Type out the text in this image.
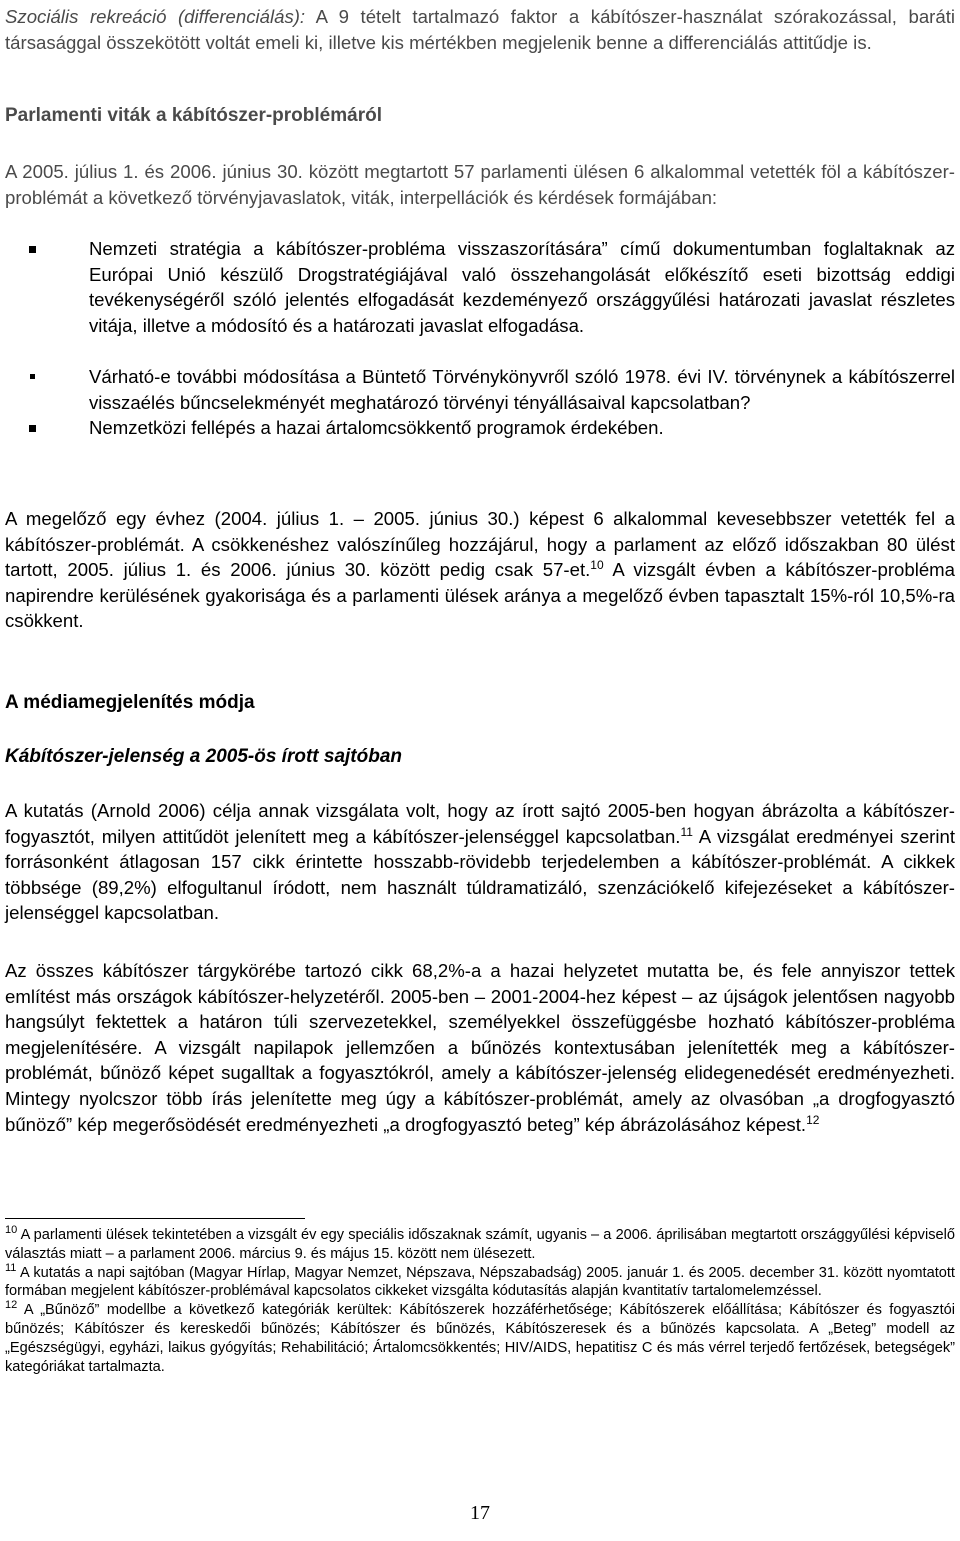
Szociális rekreáció (differenciálás): A 9 tételt tartalmazó faktor a kábítószer-használat szórakozással, baráti társasággal összekötött voltát emeli ki, illetve kis mértékben megjelenik benne a differenciálás attitűdje is.

Parlamenti viták a kábítószer-problémáról

A 2005. július 1. és 2006. június 30. között megtartott 57 parlamenti ülésen 6 alkalommal vetették föl a kábítószer-problémát a következő törvényjavaslatok, viták, interpellációk és kérdések formájában:

Nemzeti stratégia a kábítószer-probléma visszaszorítására” című dokumentumban foglaltaknak az Európai Unió készülő Drogstratégiájával való összehangolását előkészítő eseti bizottság eddigi tevékenységéről szóló jelentés elfogadását kezdeményező országgyűlési határozati javaslat részletes vitája, illetve a módosító és a határozati javaslat elfogadása.
Várható-e további módosítása a Büntető Törvénykönyvről szóló 1978. évi IV. törvénynek a kábítószerrel visszaélés bűncselekményét meghatározó törvényi tényállásaival kapcsolatban?
Nemzetközi fellépés a hazai ártalomcsökkentő programok érdekében.

A megelőző egy évhez (2004. július 1. – 2005. június 30.) képest 6 alkalommal kevesebbszer vetették fel a kábítószer-problémát. A csökkenéshez valószínűleg hozzájárul, hogy a parlament az előző időszakban 80 ülést tartott, 2005. július 1. és 2006. június 30. között pedig csak 57-et.$^{10}$ A vizsgált évben a kábítószer-probléma napirendre kerülésének gyakorisága és a parlamenti ülések aránya a megelőző évben tapasztalt 15%-ról 10,5%-ra csökkent.

A médiamegjelenítés módja
Kábítószer-jelenség a 2005-ös írott sajtóban

A kutatás (Arnold 2006) célja annak vizsgálata volt, hogy az írott sajtó 2005-ben hogyan ábrázolta a kábítószer-fogyasztót, milyen attitűdöt jelenített meg a kábítószer-jelenséggel kapcsolatban.$^{11}$ A vizsgálat eredményei szerint forrásonként átlagosan 157 cikk érintette hosszabb-rövidebb terjedelemben a kábítószer-problémát. A cikkek többsége (89,2%) elfogultanul íródott, nem használt túldramatizáló, szenzációkelő kifejezéseket a kábítószer-jelenséggel kapcsolatban.

Az összes kábítószer tárgykörébe tartozó cikk 68,2%-a a hazai helyzetet mutatta be, és fele annyiszor tettek említést más országok kábítószer-helyzetéről. 2005-ben – 2001-2004-hez képest – az újságok jelentősen nagyobb hangsúlyt fektettek a határon túli szervezetekkel, személyekkel összefüggésbe hozható kábítószer-probléma megjelenítésére. A vizsgált napilapok jellemzően a bűnözés kontextusában jelenítették meg a kábítószer-problémát, bűnöző képet sugalltak a fogyasztókról, amely a kábítószer-jelenség elidegenedését eredményezheti. Mintegy nyolcszor több írás jelenítette meg úgy a kábítószer-problémát, amely az olvasóban „a drogfogyasztó bűnöző” kép megerősödését eredményezheti „a drogfogyasztó beteg” kép ábrázolásához képest.$^{12}$

$^{10}$ A parlamenti ülések tekintetében a vizsgált év egy speciális időszaknak számít, ugyanis – a 2006. áprilisában megtartott országgyűlési képviselő választás miatt – a parlament 2006. március 9. és május 15. között nem ülésezett.

$^{11}$ A kutatás a napi sajtóban (Magyar Hírlap, Magyar Nemzet, Népszava, Népszabadság) 2005. január 1. és 2005. december 31. között nyomtatott formában megjelent kábítószer-problémával kapcsolatos cikkeket vizsgálta kódutasítás alapján kvantitatív tartalomelemzéssel.

$^{12}$ A „Bűnöző” modellbe a következő kategóriák kerültek: Kábítószerek hozzáférhetősége; Kábítószerek előállítása; Kábítószer és fogyasztói bűnözés; Kábítószer és kereskedői bűnözés; Kábítószer és bűnözés, Kábítószeresek és a bűnözés kapcsolata. A „Beteg” modell az „Egészségügyi, egyházi, laikus gyógyítás; Rehabilitáció; Ártalomcsökkentés; HIV/AIDS, hepatitisz C és más vérrel terjedő fertőzések, betegségek” kategóriákat tartalmazta.

17
